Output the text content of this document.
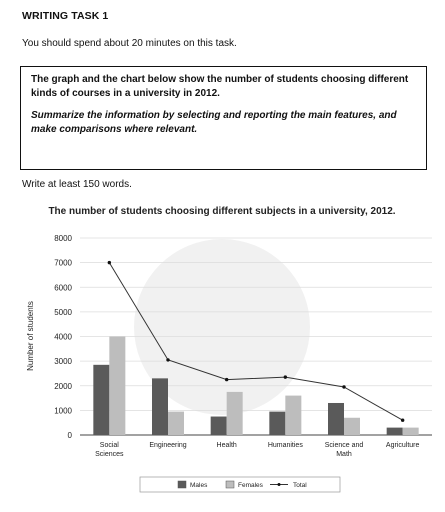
WRITING TASK 1
You should spend about 20 minutes on this task.

The graph and the chart below show the number of students choosing different

kinds of courses in a university in 2012.

Summarize the information by selecting and reporting the main features, and

make comparisons where relevant.

Write at least 150 words.
The number of students choosing different subjects in a university, 2012.
Number of students
0
1000
2000
3000
4000
5000
6000
7000
8000
Social
Sciences
Engineering	Health	Humanities	Science and
Math
Agriculture
Males	Females	Total
